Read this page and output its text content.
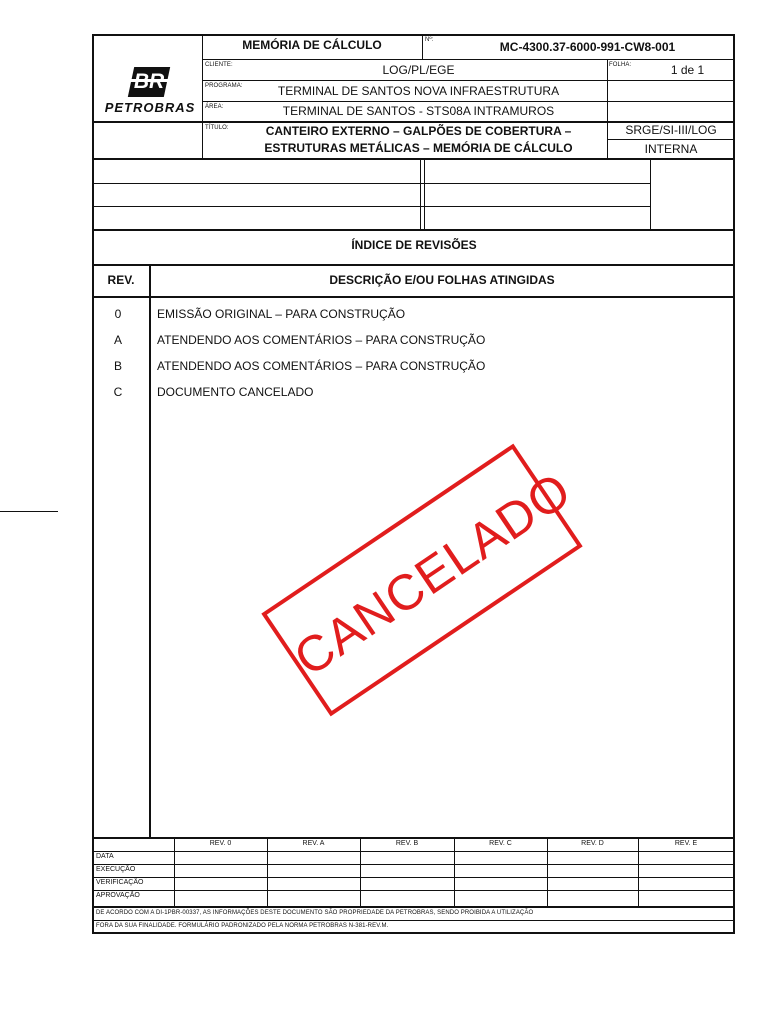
PETROBRAS
MEMÓRIA DE CÁLCULO	Nº:	MC-4300.37-6000-991-CW8-001
CLIENTE:	LOG/PL/EGE	FOLHA:	1 de 1
PROGRAMA:	TERMINAL DE SANTOS NOVA INFRAESTRUTURA
ÁREA:	TERMINAL DE SANTOS - STS08A INTRAMUROS
TÍTULO:	CANTEIRO EXTERNO – GALPÕES DE COBERTURA –
ESTRUTURAS METÁLICAS – MEMÓRIA DE CÁLCULO
SRGE/SI-III/LOG
INTERNA
ÍNDICE DE REVISÕES
REV.	DESCRIÇÃO E/OU FOLHAS ATINGIDAS
0	EMISSÃO ORIGINAL – PARA CONSTRUÇÃO
A	ATENDENDO AOS COMENTÁRIOS – PARA CONSTRUÇÃO
B	ATENDENDO AOS COMENTÁRIOS – PARA CONSTRUÇÃO
C	DOCUMENTO CANCELADO
CANCELADO
REV. 0	REV. A	REV. B	REV. C	REV. D	REV. E
DATA
EXECUÇÃO
VERIFICAÇÃO
APROVAÇÃO
DE ACORDO COM A DI-1PBR-00337, AS INFORMAÇÕES DESTE DOCUMENTO SÃO PROPRIEDADE DA PETROBRAS, SENDO PROIBIDA A UTILIZAÇÃO
FORA DA SUA FINALIDADE. FORMULÁRIO PADRONIZADO PELA NORMA PETROBRAS N-381-REV.M.
